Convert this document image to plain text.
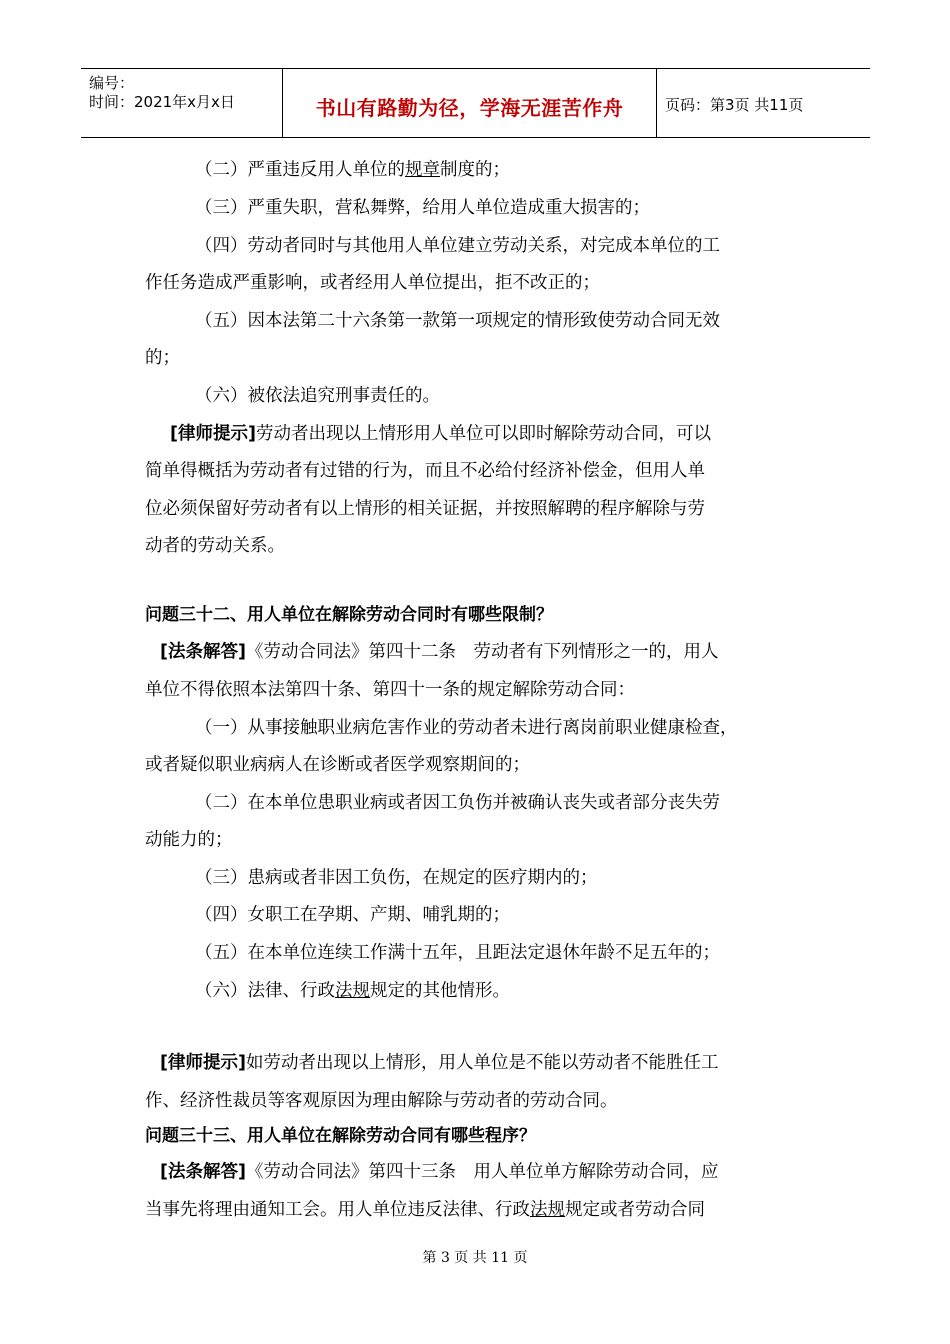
编号：
时间：2021年x月x日	书山有路勤为径，学海无涯苦作舟	页码：第3页 共11页
（二）严重违反用人单位的规章制度的；
（三）严重失职，营私舞弊，给用人单位造成重大损害的；
（四）劳动者同时与其他用人单位建立劳动关系，对完成本单位的工
作任务造成严重影响，或者经用人单位提出，拒不改正的；
（五）因本法第二十六条第一款第一项规定的情形致使劳动合同无效
的；
（六）被依法追究刑事责任的。
[律师提示]劳动者出现以上情形用人单位可以即时解除劳动合同，可以
简单得概括为劳动者有过错的行为，而且不必给付经济补偿金，但用人单
位必须保留好劳动者有以上情形的相关证据，并按照解聘的程序解除与劳
动者的劳动关系。
问题三十二、用人单位在解除劳动合同时有哪些限制？
[法条解答]《劳动合同法》第四十二条　劳动者有下列情形之一的，用人
单位不得依照本法第四十条、第四十一条的规定解除劳动合同：
（一）从事接触职业病危害作业的劳动者未进行离岗前职业健康检查，
或者疑似职业病病人在诊断或者医学观察期间的；
（二）在本单位患职业病或者因工负伤并被确认丧失或者部分丧失劳
动能力的；
（三）患病或者非因工负伤，在规定的医疗期内的；
（四）女职工在孕期、产期、哺乳期的；
（五）在本单位连续工作满十五年，且距法定退休年龄不足五年的；
（六）法律、行政法规规定的其他情形。
[律师提示]如劳动者出现以上情形，用人单位是不能以劳动者不能胜任工
作、经济性裁员等客观原因为理由解除与劳动者的劳动合同。
问题三十三、用人单位在解除劳动合同有哪些程序？
[法条解答]《劳动合同法》第四十三条　用人单位单方解除劳动合同，应
当事先将理由通知工会。用人单位违反法律、行政法规规定或者劳动合同
第 3 页 共 11 页
